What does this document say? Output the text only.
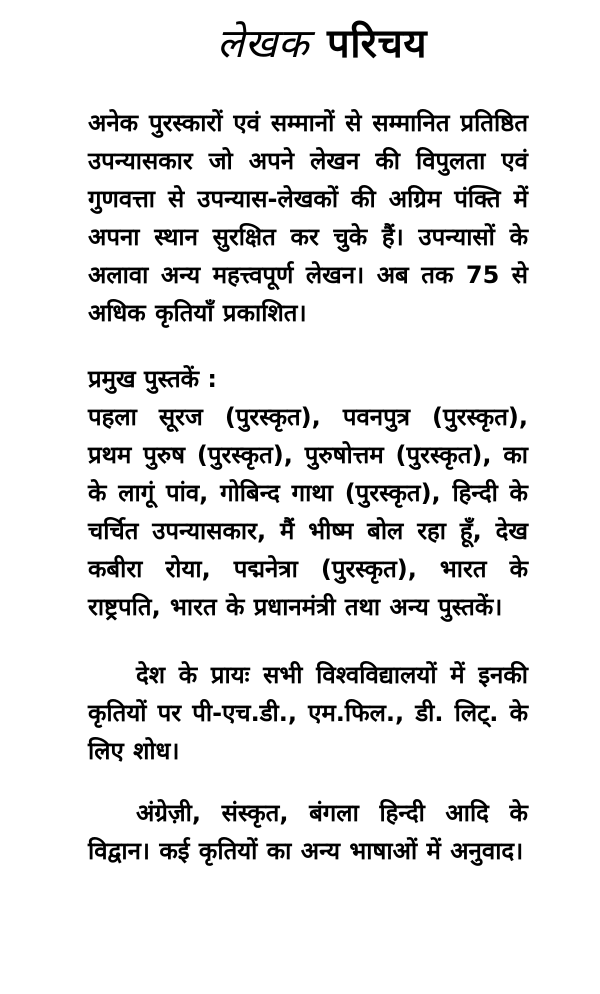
लेखक परिचय

अनेक पुरस्कारों एवं सम्मानों से सम्मानित प्रतिष्ठित उपन्यासकार जो अपने लेखन की विपुलता एवं गुणवत्ता से उपन्यास-लेखकों की अग्रिम पंक्ति में अपना स्थान सुरक्षित कर चुके हैं। उपन्यासों के अलावा अन्य महत्त्वपूर्ण लेखन। अब तक 75 से अधिक कृतियाँ प्रकाशित।

प्रमुख पुस्तकें :

पहला सूरज (पुरस्कृत), पवनपुत्र (पुरस्कृत), प्रथम पुरुष (पुरस्कृत), पुरुषोत्तम (पुरस्कृत), का के लागूं पांव, गोबिन्द गाथा (पुरस्कृत), हिन्दी के चर्चित उपन्यासकार, मैं भीष्म बोल रहा हूँ, देख कबीरा रोया, पद्मनेत्रा (पुरस्कृत), भारत के राष्ट्रपति, भारत के प्रधानमंत्री तथा अन्य पुस्तकें।

देश के प्रायः सभी विश्वविद्यालयों में इनकी कृतियों पर पी-एच.डी., एम.फिल., डी. लिट्. के लिए शोध।

अंग्रेज़ी, संस्कृत, बंगला हिन्दी आदि के विद्वान। कई कृतियों का अन्य भाषाओं में अनुवाद।
